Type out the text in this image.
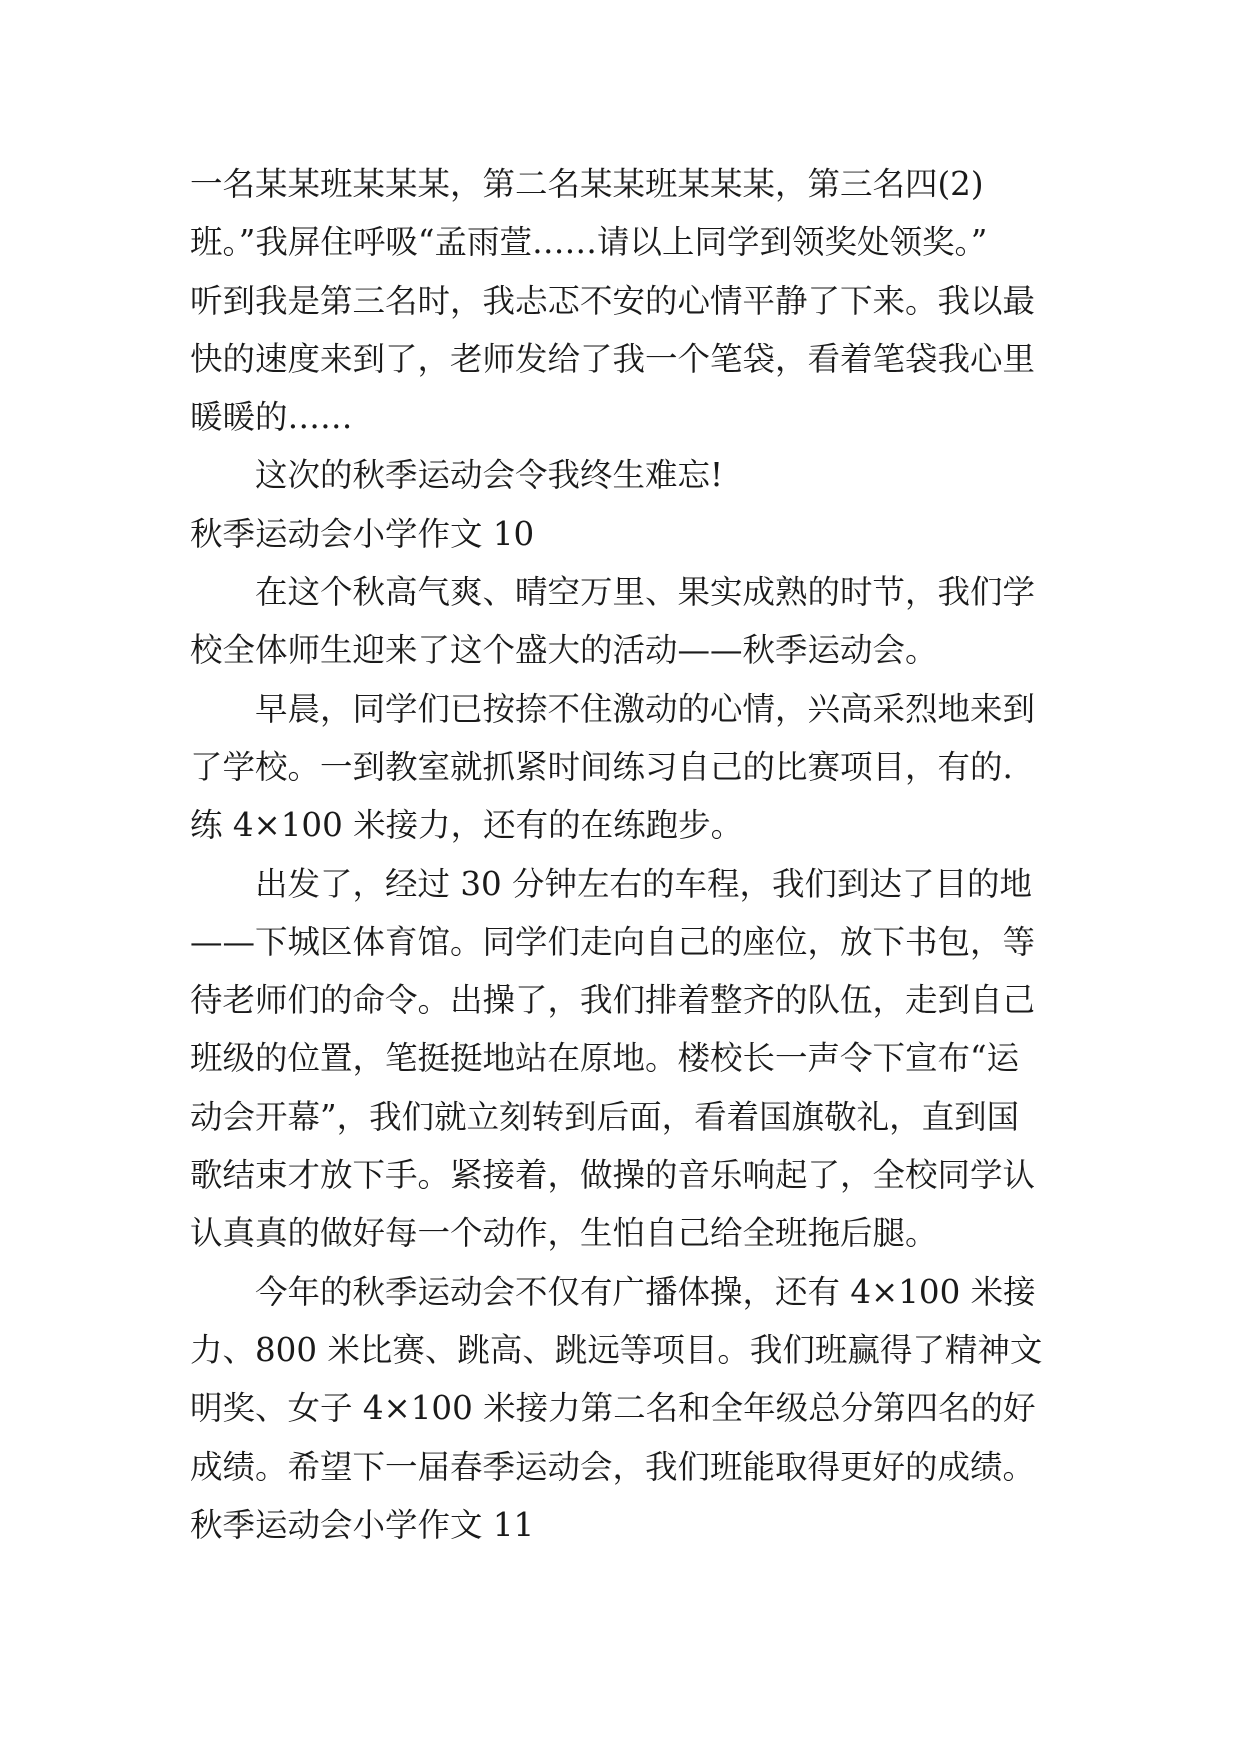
一名某某班某某某，第二名某某班某某某，第三名四(2)
班。”我屏住呼吸“孟雨萱……请以上同学到领奖处领奖。”
听到我是第三名时，我忐忑不安的心情平静了下来。我以最
快的速度来到了，老师发给了我一个笔袋，看着笔袋我心里
暖暖的……
这次的秋季运动会令我终生难忘!
秋季运动会小学作文 10
在这个秋高气爽、晴空万里、果实成熟的时节，我们学
校全体师生迎来了这个盛大的活动——秋季运动会。
早晨，同学们已按捺不住激动的心情，兴高采烈地来到
了学校。一到教室就抓紧时间练习自己的比赛项目，有的.
练 4×100 米接力，还有的在练跑步。
出发了，经过 30 分钟左右的车程，我们到达了目的地
——下城区体育馆。同学们走向自己的座位，放下书包，等
待老师们的命令。出操了，我们排着整齐的队伍，走到自己
班级的位置，笔挺挺地站在原地。楼校长一声令下宣布“运
动会开幕”，我们就立刻转到后面，看着国旗敬礼，直到国
歌结束才放下手。紧接着，做操的音乐响起了，全校同学认
认真真的做好每一个动作，生怕自己给全班拖后腿。
今年的秋季运动会不仅有广播体操，还有 4×100 米接
力、800 米比赛、跳高、跳远等项目。我们班赢得了精神文
明奖、女子 4×100 米接力第二名和全年级总分第四名的好
成绩。希望下一届春季运动会，我们班能取得更好的成绩。
秋季运动会小学作文 11
